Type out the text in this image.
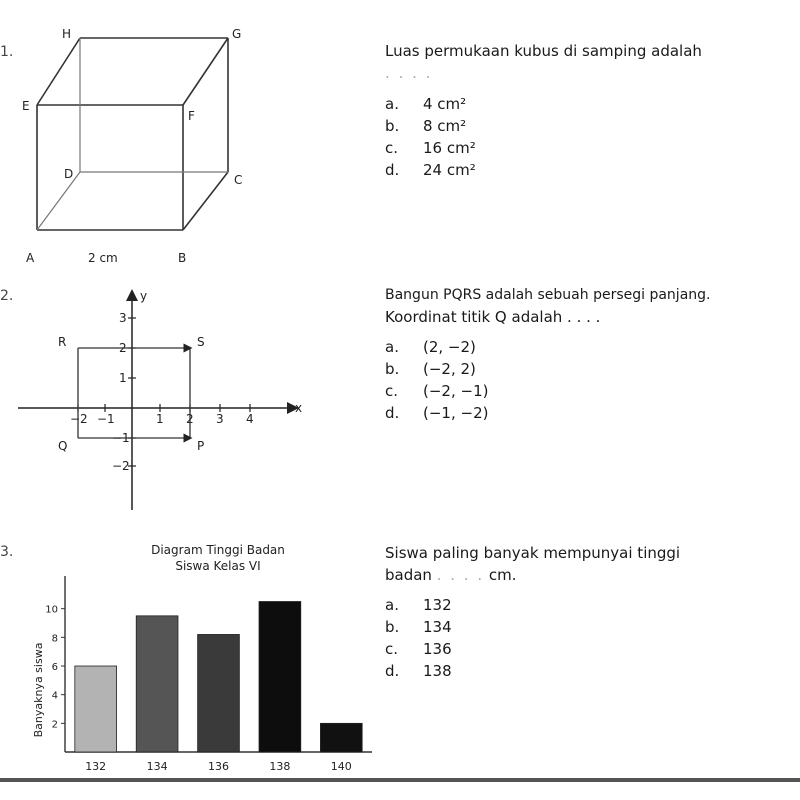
1.
A	B
C
D
E
F
G
H
2 cm
Luas permukaan kubus di samping adalah
. . . .
a. 4 cm²
b. 8 cm²
c. 16 cm²
d. 24 cm²
2.
x
y
R	S
Q	P
−2 −1	1 2 3 4
3
2
1
−1
−2
Bangun PQRS adalah sebuah persegi panjang.
Koordinat titik Q adalah . . . .
a. (2, −2)
b. (−2, 2)
c. (−2, −1)
d. (−1, −2)
3.	Diagram Tinggi Badan
Siswa Kelas VI
Banyaknya siswa 2
4
6
8
10
132	134	136	138	140
Siswa paling banyak mempunyai tinggi
badan . . . . cm.
a. 132
b. 134
c. 136
d. 138
